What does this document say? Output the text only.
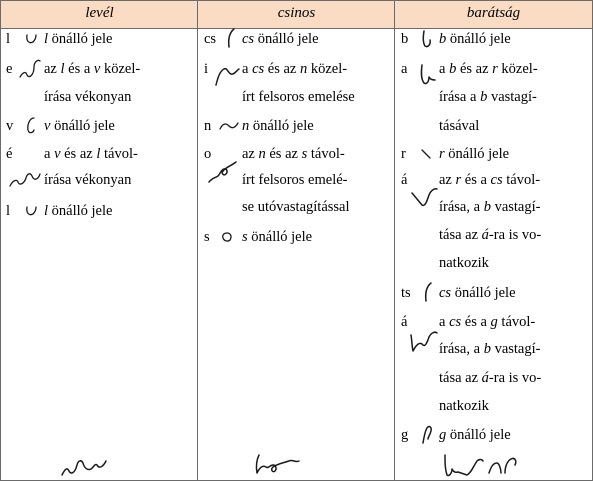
levél	csinos	barátság
l l önálló jele
e az l és a v közel-
írása vékonyan
v v önálló jele
é a v és az l távol-
írása vékonyan
l l önálló jele
cs cs önálló jele
i a cs és az n közel-
írt felsoros emelése
n n önálló jele
o az n és az s távol-
írt felsoros emelé-
se utóvastagítással
s s önálló jele
b b önálló jele
a a b és az r közel-
írása a b vastagí-
tásával
r r önálló jele
á az r és a cs távol-
írása, a b vastagí-
tása az á-ra is vo-
natkozik
ts cs önálló jele
á a cs és a g távol-
írása, a b vastagí-
tása az á-ra is vo-
natkozik
g g önálló jele
